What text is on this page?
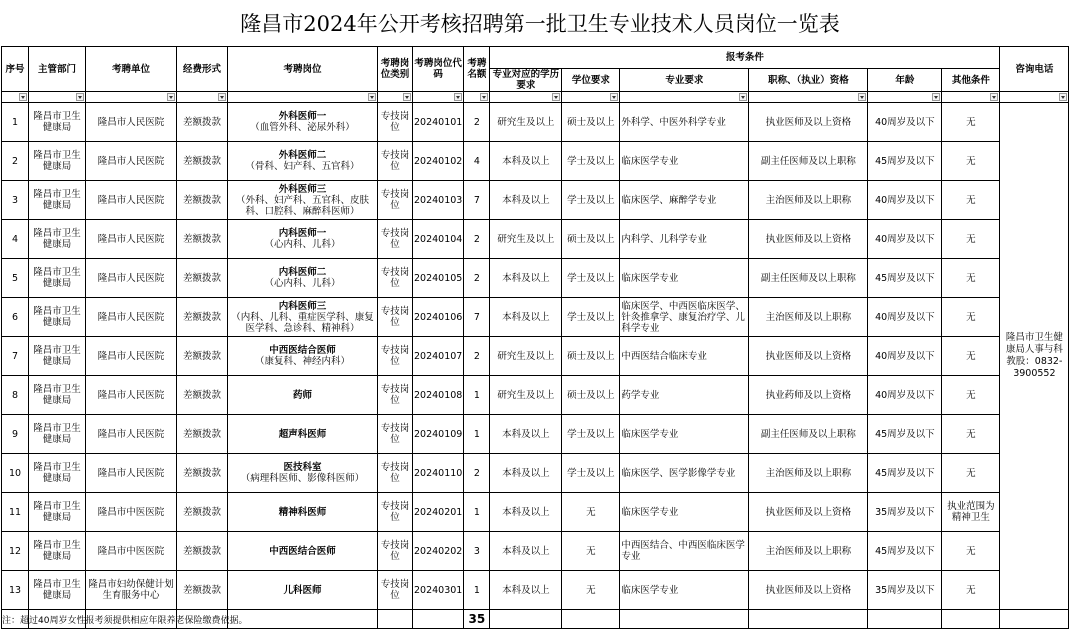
隆昌市2024年公开考核招聘第一批卫生专业技术人员岗位一览表
序号	主管部门	考聘单位	经费形式	考聘岗位	考聘岗位类别	考聘岗位代码	考聘名额	报考条件						咨询电话
								专业对应的学历要求	学位要求	专业要求	职称、（执业）资格	年龄	其他条件	

1	隆昌市卫生健康局	隆昌市人民医院	差额拨款	外科医师一
（血管外科、泌尿外科）	专技岗位	20240101	2	研究生及以上	硕士及以上	外科学、中医外科学专业	执业医师及以上资格	40周岁及以下	无	隆昌市卫生健康局人事与科教股：0832-3900552
2	隆昌市卫生健康局	隆昌市人民医院	差额拨款	外科医师二
（骨科、妇产科、五官科）	专技岗位	20240102	4	本科及以上	学士及以上	临床医学专业	副主任医师及以上职称	45周岁及以下	无	
3	隆昌市卫生健康局	隆昌市人民医院	差额拨款	外科医师三
（外科、妇产科、五官科、皮肤科、口腔科、麻醉科医师）	专技岗位	20240103	7	本科及以上	学士及以上	临床医学、麻醉学专业	主治医师及以上职称	40周岁及以下	无	
4	隆昌市卫生健康局	隆昌市人民医院	差额拨款	内科医师一
（心内科、儿科）	专技岗位	20240104	2	研究生及以上	硕士及以上	内科学、儿科学专业	执业医师及以上资格	40周岁及以下	无	
5	隆昌市卫生健康局	隆昌市人民医院	差额拨款	内科医师二
（心内科、儿科）	专技岗位	20240105	2	本科及以上	学士及以上	临床医学专业	副主任医师及以上职称	45周岁及以下	无	
6	隆昌市卫生健康局	隆昌市人民医院	差额拨款	内科医师三
（内科、儿科、重症医学科、康复医学科、急诊科、精神科）	专技岗位	20240106	7	本科及以上	学士及以上	临床医学、中西医临床医学、针灸推拿学、康复治疗学、儿科学专业	主治医师及以上职称	40周岁及以下	无	
7	隆昌市卫生健康局	隆昌市人民医院	差额拨款	中西医结合医师
（康复科、神经内科）	专技岗位	20240107	2	研究生及以上	硕士及以上	中西医结合临床专业	执业医师及以上资格	40周岁及以下	无	
8	隆昌市卫生健康局	隆昌市人民医院	差额拨款	药师	专技岗位	20240108	1	研究生及以上	硕士及以上	药学专业	执业药师及以上资格	40周岁及以下	无	
9	隆昌市卫生健康局	隆昌市人民医院	差额拨款	超声科医师	专技岗位	20240109	1	本科及以上	学士及以上	临床医学专业	副主任医师及以上职称	45周岁及以下	无	
10	隆昌市卫生健康局	隆昌市人民医院	差额拨款	医技科室
（病理科医师、影像科医师）	专技岗位	20240110	2	本科及以上	学士及以上	临床医学、医学影像学专业	主治医师及以上职称	45周岁及以下	无	
11	隆昌市卫生健康局	隆昌市中医医院	差额拨款	精神科医师	专技岗位	20240201	1	本科及以上	无	临床医学专业	执业医师及以上资格	35周岁及以下	执业范围为精神卫生	
12	隆昌市卫生健康局	隆昌市中医医院	差额拨款	中西医结合医师	专技岗位	20240202	3	本科及以上	无	中西医结合、中西医临床医学专业	主治医师及以上职称	45周岁及以下	无	
13	隆昌市卫生健康局	隆昌市妇幼保健计划生育服务中心	差额拨款	儿科医师	专技岗位	20240301	1	本科及以上	无	临床医学专业	执业医师及以上资格	35周岁及以下	无	
							35							
注：超过40周岁女性报考须提供相应年限养老保险缴费依据。
